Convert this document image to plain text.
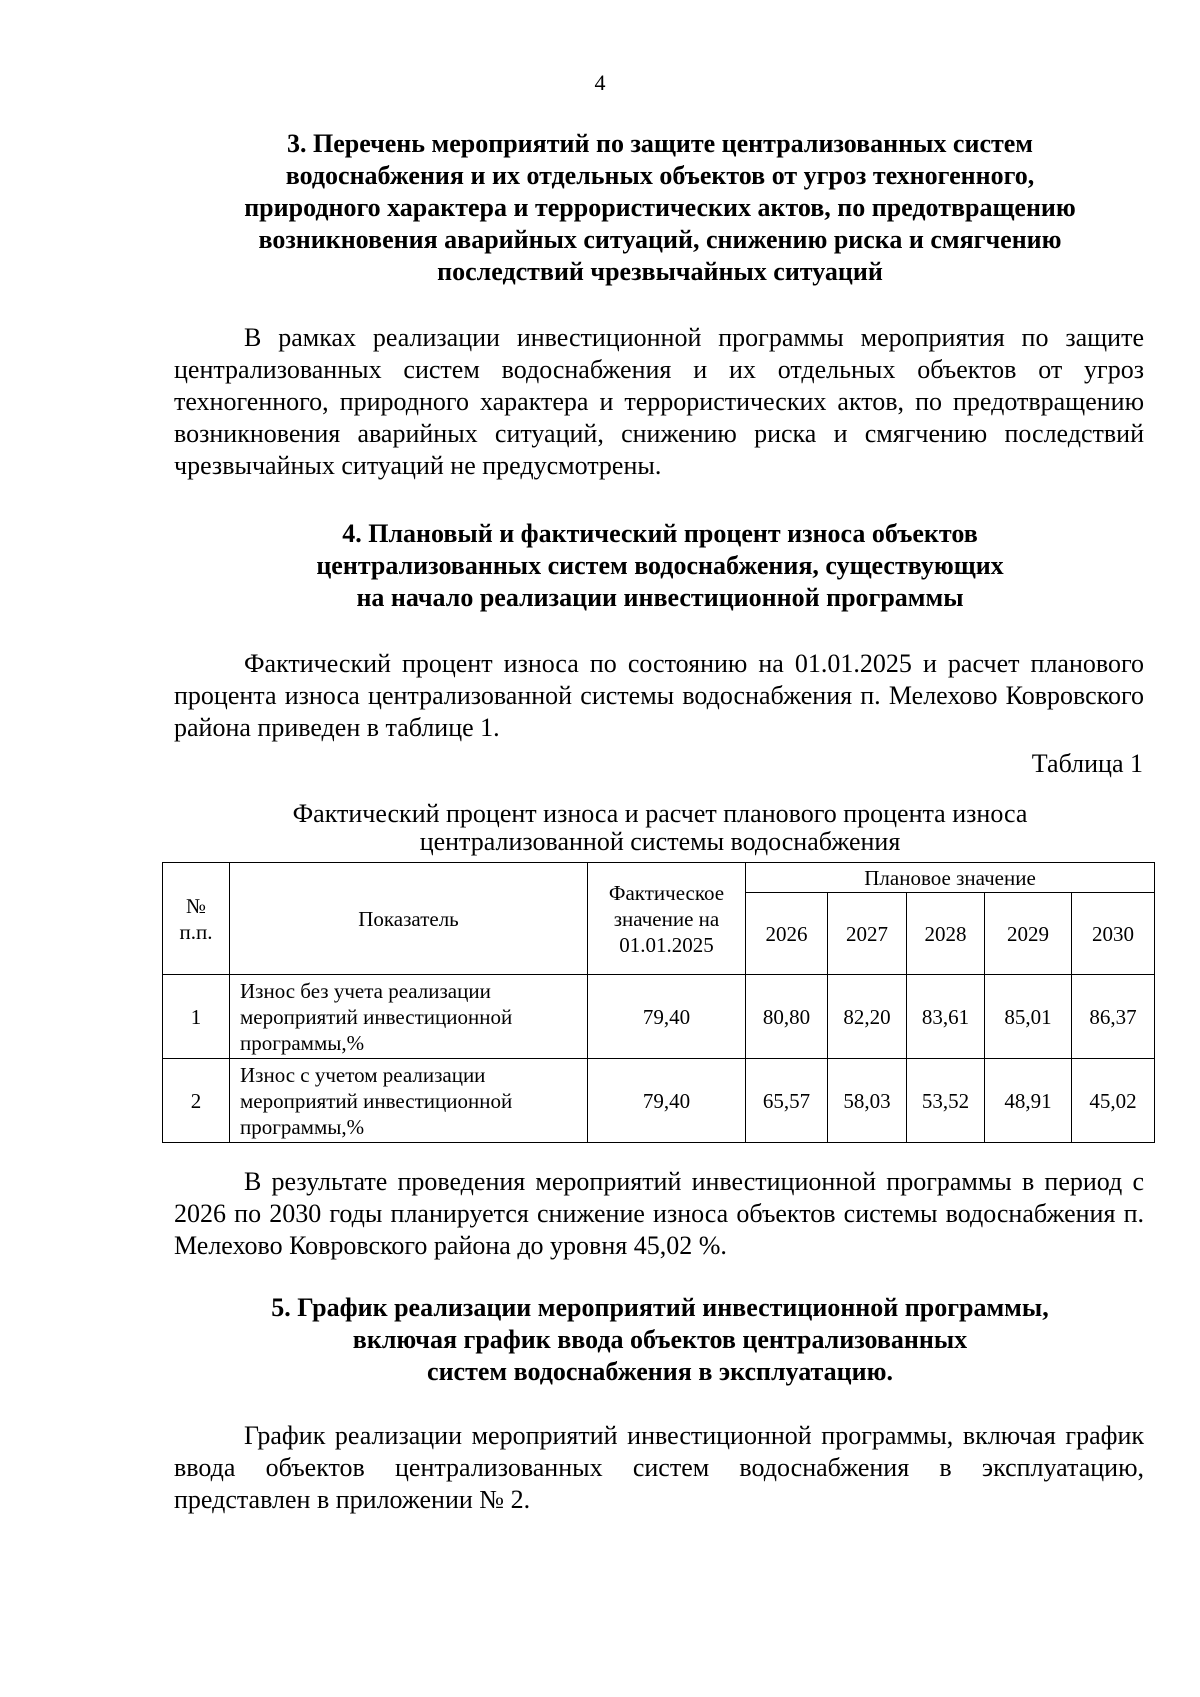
4
3. Перечень мероприятий по защите централизованных систем
водоснабжения и их отдельных объектов от угроз техногенного,
природного характера и террористических актов, по предотвращению
возникновения аварийных ситуаций, снижению риска и смягчению
последствий чрезвычайных ситуаций
В рамках реализации инвестиционной программы мероприятия по защите централизованных систем водоснабжения и их отдельных объектов от угроз техногенного, природного характера и террористических актов, по предотвращению возникновения аварийных ситуаций, снижению риска и смягчению последствий чрезвычайных ситуаций не предусмотрены.
4. Плановый и фактический процент износа объектов
централизованных систем водоснабжения, существующих
на начало реализации инвестиционной программы
Фактический процент износа по состоянию на 01.01.2025 и расчет планового процента износа централизованной системы водоснабжения п. Мелехово Ковровского района приведен в таблице 1.
Таблица 1
Фактический процент износа и расчет планового процента износа
централизованной системы водоснабжения
№ п.п.	Показатель	Фактическое значение на 01.01.2025	Плановое значение				
			2026	2027	2028	2029	2030
1	Износ без учета реализации мероприятий инвестиционной программы,%	79,40	80,80	82,20	83,61	85,01	86,37
2	Износ с учетом реализации мероприятий инвестиционной программы,%	79,40	65,57	58,03	53,52	48,91	45,02
В результате проведения мероприятий инвестиционной программы в период с 2026 по 2030 годы планируется снижение износа объектов системы водоснабжения п. Мелехово Ковровского района до уровня 45,02 %.
5. График реализации мероприятий инвестиционной программы,
включая график ввода объектов централизованных
систем водоснабжения в эксплуатацию.
График реализации мероприятий инвестиционной программы, включая график ввода объектов централизованных систем водоснабжения в эксплуатацию, представлен в приложении № 2.
